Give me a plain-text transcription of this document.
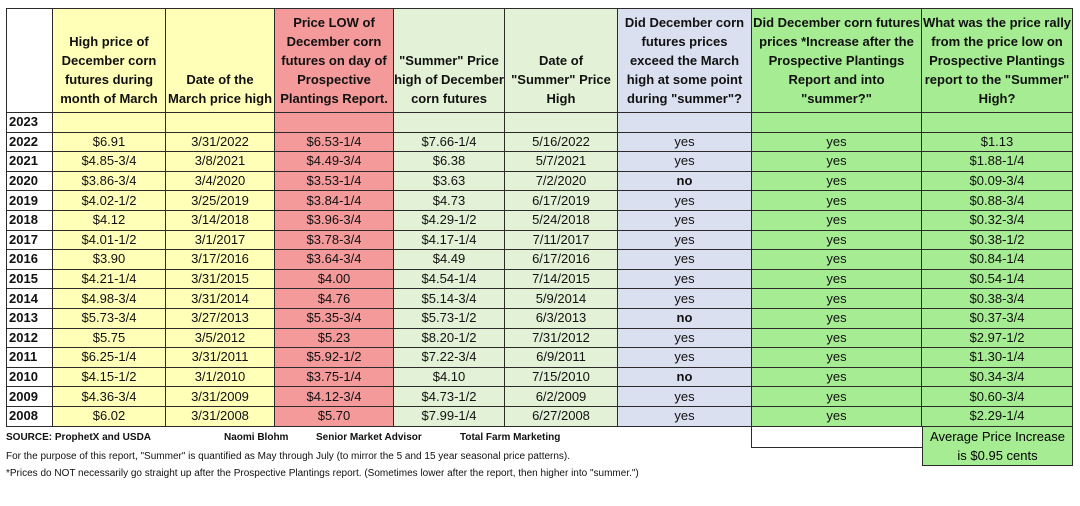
	High price of December corn futures during month of March	Date of the March price high	Price LOW of December corn futures on day of Prospective Plantings Report.	"Summer" Price high of December corn futures	Date of "Summer" Price High	Did December corn futures prices exceed the March high at some point during "summer"?	Did December corn futures prices *Increase after the Prospective Plantings Report and into "summer?"	What was the price rally from the price low on Prospective Plantings report to the "Summer" High?
2023								
2022	$6.91	3/31/2022	$6.53-1/4	$7.66-1/4	5/16/2022	yes	yes	$1.13
2021	$4.85-3/4	3/8/2021	$4.49-3/4	$6.38	5/7/2021	yes	yes	$1.88-1/4
2020	$3.86-3/4	3/4/2020	$3.53-1/4	$3.63	7/2/2020	no	yes	$0.09-3/4
2019	$4.02-1/2	3/25/2019	$3.84-1/4	$4.73	6/17/2019	yes	yes	$0.88-3/4
2018	$4.12	3/14/2018	$3.96-3/4	$4.29-1/2	5/24/2018	yes	yes	$0.32-3/4
2017	$4.01-1/2	3/1/2017	$3.78-3/4	$4.17-1/4	7/11/2017	yes	yes	$0.38-1/2
2016	$3.90	3/17/2016	$3.64-3/4	$4.49	6/17/2016	yes	yes	$0.84-1/4
2015	$4.21-1/4	3/31/2015	$4.00	$4.54-1/4	7/14/2015	yes	yes	$0.54-1/4
2014	$4.98-3/4	3/31/2014	$4.76	$5.14-3/4	5/9/2014	yes	yes	$0.38-3/4
2013	$5.73-3/4	3/27/2013	$5.35-3/4	$5.73-1/2	6/3/2013	no	yes	$0.37-3/4
2012	$5.75	3/5/2012	$5.23	$8.20-1/2	7/31/2012	yes	yes	$2.97-1/2
2011	$6.25-1/4	3/31/2011	$5.92-1/2	$7.22-3/4	6/9/2011	yes	yes	$1.30-1/4
2010	$4.15-1/2	3/1/2010	$3.75-1/4	$4.10	7/15/2010	no	yes	$0.34-3/4
2009	$4.36-3/4	3/31/2009	$4.12-3/4	$4.73-1/2	6/2/2009	yes	yes	$0.60-3/4
2008	$6.02	3/31/2008	$5.70	$7.99-1/4	6/27/2008	yes	yes	$2.29-1/4
Average Price Increase
is $0.95 cents
SOURCE: ProphetX and USDA	Naomi Blohm	Senior Market Advisor	Total Farm Marketing
For the purpose of this report, "Summer" is quantified as May through July (to mirror the 5 and 15 year seasonal price patterns).
*Prices do NOT necessarily go straight up after the Prospective Plantings report. (Sometimes lower after the report, then higher into "summer.")
